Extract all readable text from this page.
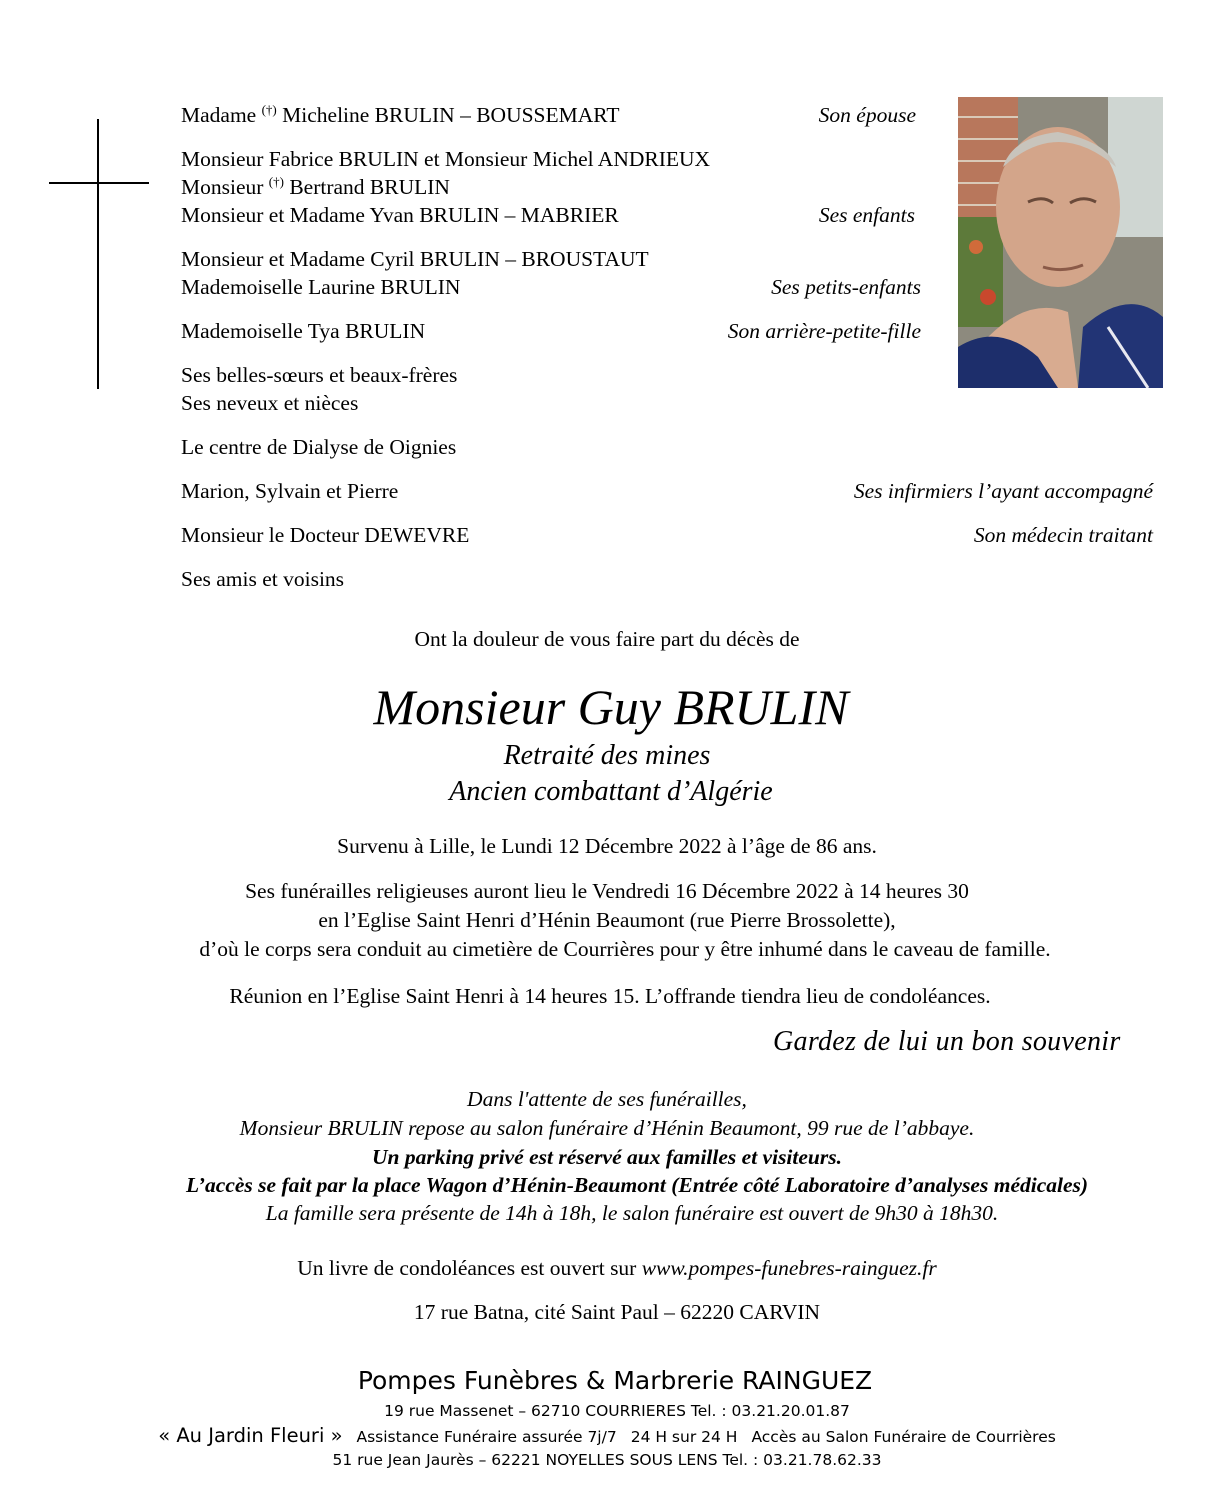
Madame (†) Micheline BRULIN – BOUSSEMART
Monsieur Fabrice BRULIN et Monsieur Michel ANDRIEUX
Monsieur (†) Bertrand BRULIN
Monsieur et Madame Yvan BRULIN – MABRIER
Monsieur et Madame Cyril BRULIN – BROUSTAUT
Mademoiselle Laurine BRULIN
Mademoiselle Tya BRULIN
Ses belles-sœurs et beaux-frères
Ses neveux et nièces
Le centre de Dialyse de Oignies
Marion, Sylvain et Pierre
Monsieur le Docteur DEWEVRE
Ses amis et voisins
Son épouse
Ses enfants
Ses petits-enfants
Son arrière-petite-fille
Ses infirmiers l’ayant accompagné
Son médecin traitant
Ont la douleur de vous faire part du décès de
Monsieur Guy BRULIN
Retraité des mines
Ancien combattant d’Algérie
Survenu à Lille, le Lundi 12 Décembre 2022 à l’âge de 86 ans.
Ses funérailles religieuses auront lieu le Vendredi 16 Décembre 2022 à 14 heures 30
en l’Eglise Saint Henri d’Hénin Beaumont (rue Pierre Brossolette),
d’où le corps sera conduit au cimetière de Courrières pour y être inhumé dans le caveau de famille.
Réunion en l’Eglise Saint Henri à 14 heures 15. L’offrande tiendra lieu de condoléances.
Gardez de lui un bon souvenir
Dans l'attente de ses funérailles,
Monsieur BRULIN repose au salon funéraire d’Hénin Beaumont, 99 rue de l’abbaye.
Un parking privé est réservé aux familles et visiteurs.
L’accès se fait par la place Wagon d’Hénin-Beaumont (Entrée côté Laboratoire d’analyses médicales)
La famille sera présente de 14h à 18h, le salon funéraire est ouvert de 9h30 à 18h30.
Un livre de condoléances est ouvert sur www.pompes-funebres-rainguez.fr
17 rue Batna, cité Saint Paul – 62220 CARVIN
Pompes Funèbres & Marbrerie RAINGUEZ
19 rue Massenet – 62710 COURRIERES Tel. : 03.21.20.01.87
« Au Jardin Fleuri » Assistance Funéraire assurée 7j/7 24 H sur 24 H Accès au Salon Funéraire de Courrières
51 rue Jean Jaurès – 62221 NOYELLES SOUS LENS Tel. : 03.21.78.62.33
